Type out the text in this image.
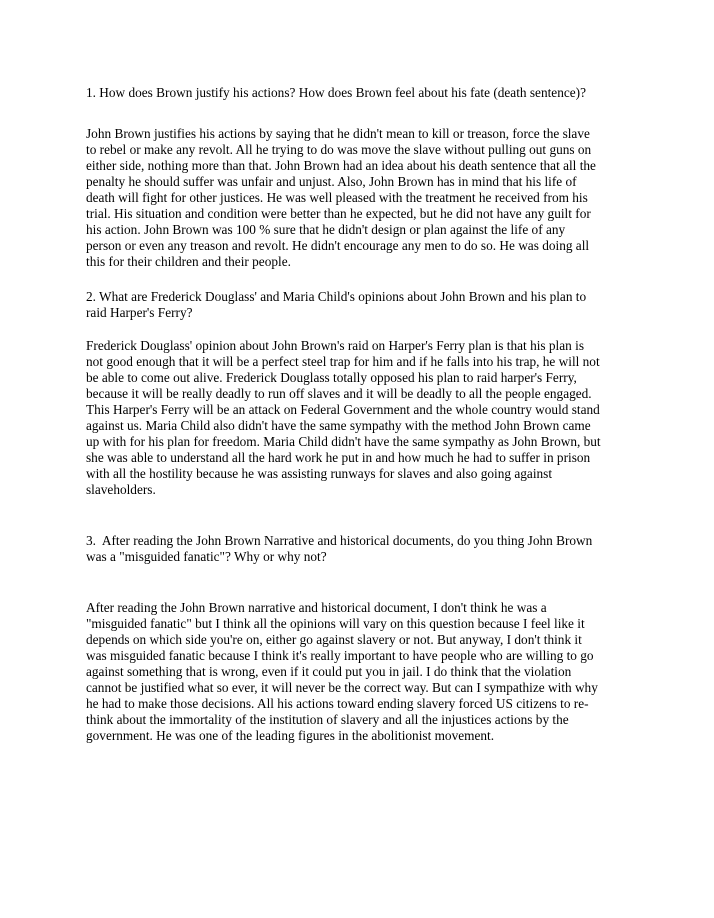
1. How does Brown justify his actions? How does Brown feel about his fate (death sentence)?

John Brown justifies his actions by saying that he didn't mean to kill or treason, force the slave
to rebel or make any revolt. All he trying to do was move the slave without pulling out guns on
either side, nothing more than that. John Brown had an idea about his death sentence that all the
penalty he should suffer was unfair and unjust. Also, John Brown has in mind that his life of
death will fight for other justices. He was well pleased with the treatment he received from his
trial. His situation and condition were better than he expected, but he did not have any guilt for
his action. John Brown was 100 % sure that he didn't design or plan against the life of any
person or even any treason and revolt. He didn't encourage any men to do so. He was doing all
this for their children and their people.

2. What are Frederick Douglass' and Maria Child's opinions about John Brown and his plan to
raid Harper's Ferry?

Frederick Douglass' opinion about John Brown's raid on Harper's Ferry plan is that his plan is
not good enough that it will be a perfect steel trap for him and if he falls into his trap, he will not
be able to come out alive. Frederick Douglass totally opposed his plan to raid harper's Ferry,
because it will be really deadly to run off slaves and it will be deadly to all the people engaged.
This Harper's Ferry will be an attack on Federal Government and the whole country would stand
against us. Maria Child also didn't have the same sympathy with the method John Brown came
up with for his plan for freedom. Maria Child didn't have the same sympathy as John Brown, but
she was able to understand all the hard work he put in and how much he had to suffer in prison
with all the hostility because he was assisting runways for slaves and also going against
slaveholders.

3.  After reading the John Brown Narrative and historical documents, do you thing John Brown
was a "misguided fanatic"? Why or why not?

After reading the John Brown narrative and historical document, I don't think he was a
"misguided fanatic" but I think all the opinions will vary on this question because I feel like it
depends on which side you're on, either go against slavery or not. But anyway, I don't think it
was misguided fanatic because I think it's really important to have people who are willing to go
against something that is wrong, even if it could put you in jail. I do think that the violation
cannot be justified what so ever, it will never be the correct way. But can I sympathize with why
he had to make those decisions. All his actions toward ending slavery forced US citizens to re-
think about the immortality of the institution of slavery and all the injustices actions by the
government. He was one of the leading figures in the abolitionist movement.
